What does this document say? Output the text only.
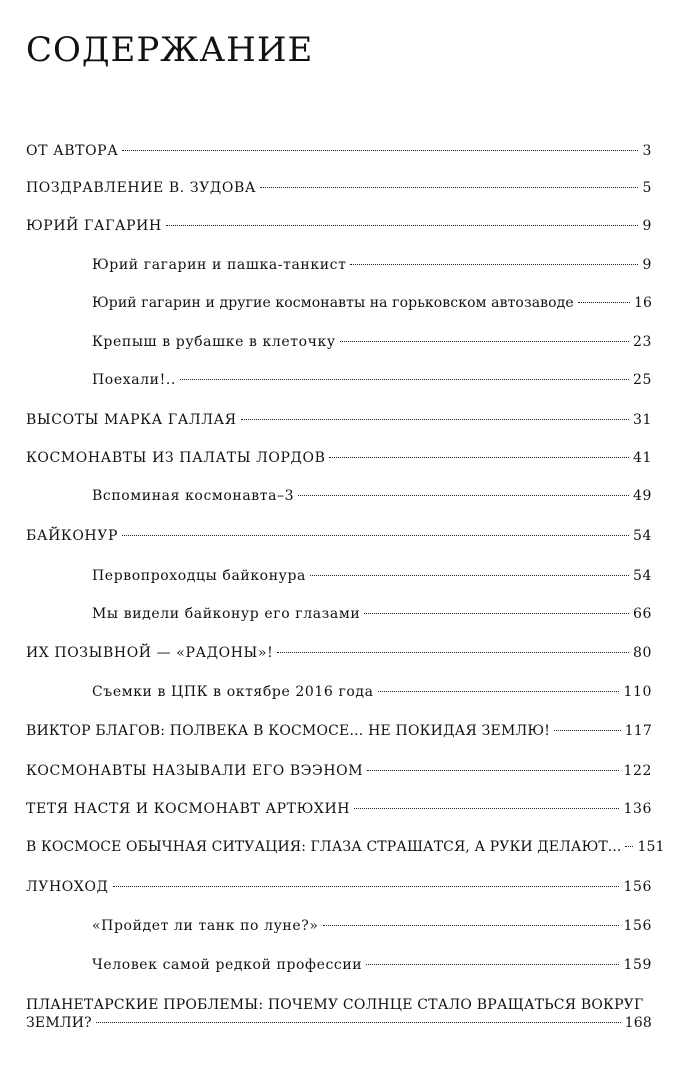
СОДЕРЖАНИЕ
ОТ АВТОРА	3
ПОЗДРАВЛЕНИЕ В. ЗУДОВА	5
ЮРИЙ ГАГАРИН	9
Юрий гагарин и пашка-танкист	9
Юрий гагарин и другие космонавты на горьковском автозаводе	16
Крепыш в рубашке в клеточку	23
Поехали!..	25
ВЫСОТЫ МАРКА ГАЛЛАЯ	31
КОСМОНАВТЫ ИЗ ПАЛАТЫ ЛОРДОВ	41
Вспоминая космонавта–3	49
БАЙКОНУР	54
Первопроходцы байконура	54
Мы видели байконур его глазами	66
ИХ ПОЗЫВНОЙ — «РАДОНЫ»!	80
Съемки в ЦПК в октябре 2016 года	110
ВИКТОР БЛАГОВ: ПОЛВЕКА В КОСМОСЕ... НЕ ПОКИДАЯ ЗЕМЛЮ!	117
КОСМОНАВТЫ НАЗЫВАЛИ ЕГО ВЭЭНОМ	122
ТЕТЯ НАСТЯ И КОСМОНАВТ АРТЮХИН	136
В КОСМОСЕ ОБЫЧНАЯ СИТУАЦИЯ: ГЛАЗА СТРАШАТСЯ, А РУКИ ДЕЛАЮТ... 151
ЛУНОХОД	156
«Пройдет ли танк по луне?»	156
Человек самой редкой профессии	159
ПЛАНЕТАРСКИЕ ПРОБЛЕМЫ: ПОЧЕМУ СОЛНЦЕ СТАЛО ВРАЩАТЬСЯ ВОКРУГ
ЗЕМЛИ?	168
